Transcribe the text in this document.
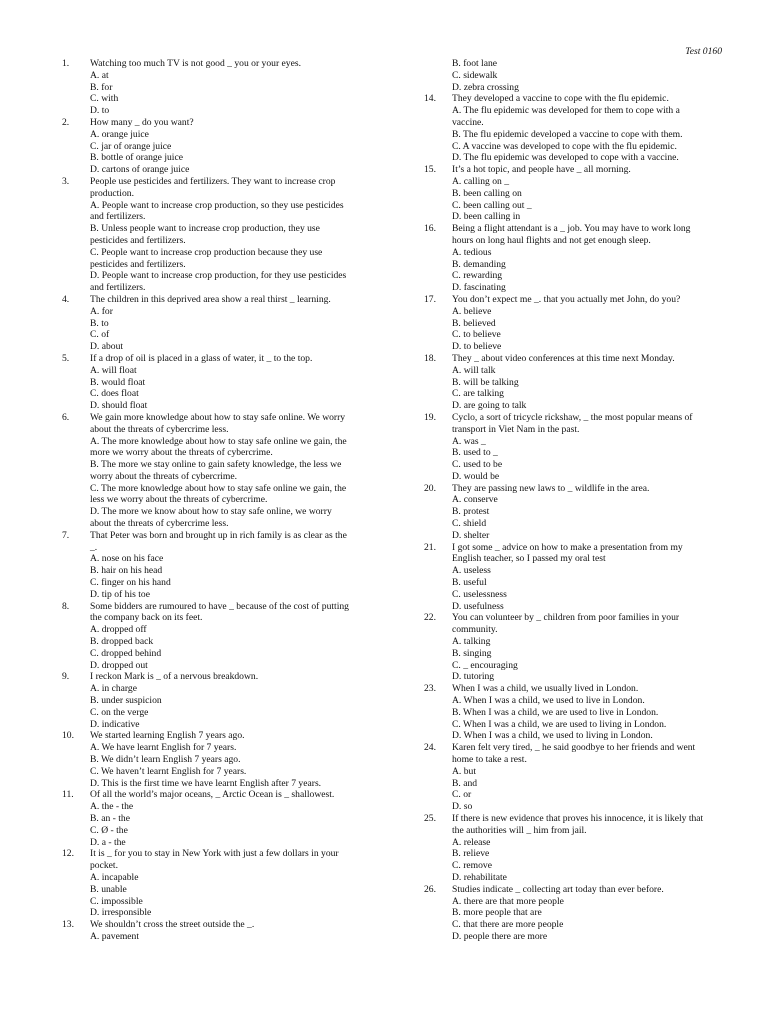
Test 0160
1 .	Watching too much TV is not good _ you or your eyes.
A. at
B. for
C. with
D. to
2 .	How many _ do you want?
A. orange juice
C. jar of orange juice
B. bottle of orange juice
D. cartons of orange juice
3 .	People use pesticides and fertilizers. They want to increase crop
production.
A. People want to increase crop production, so they use pesticides
and fertilizers.
B. Unless people want to increase crop production, they use
pesticides and fertilizers.
C. People want to increase crop production because they use
pesticides and fertilizers.
D. People want to increase crop production, for they use pesticides
and fertilizers.
4 .	The children in this deprived area show a real thirst _ learning.
A. for
B. to
C. of
D. about
5 .	If a drop of oil is placed in a glass of water, it _ to the top.
A. will float
B. would float
C. does float
D. should float
6 .	We gain more knowledge about how to stay safe online. We worry
about the threats of cybercrime less.
A. The more knowledge about how to stay safe online we gain, the
more we worry about the threats of cybercrime.
B. The more we stay online to gain safety knowledge, the less we
worry about the threats of cybercrime.
C. The more knowledge about how to stay safe online we gain, the
less we worry about the threats of cybercrime.
D. The more we know about how to stay safe online, we worry
about the threats of cybercrime less.
7 .	That Peter was born and brought up in rich family is as clear as the
_.
A. nose on his face
B. hair on his head
C. finger on his hand
D. tip of his toe
8 .	Some bidders are rumoured to have _ because of the cost of putting
the company back on its feet.
A. dropped off
B. dropped back
C. dropped behind
D. dropped out
9 .	I reckon Mark is _ of a nervous breakdown.
A. in charge
B. under suspicion
C. on the verge
D. indicative
10 .	We started learning English 7 years ago.
A. We have learnt English for 7 years.
B. We didn’t learn English 7 years ago.
C. We haven’t learnt English for 7 years.
D. This is the first time we have learnt English after 7 years.
11 .	Of all the world’s major oceans, _ Arctic Ocean is _ shallowest.
A. the - the
B. an - the
C. Ø - the
D. a - the
12 .	It is _ for you to stay in New York with just a few dollars in your
pocket.
A. incapable
B. unable
C. impossible
D. irresponsible
13 .	We shouldn’t cross the street outside the _.
A. pavement
B. foot lane
C. sidewalk
D. zebra crossing
14 .	They developed a vaccine to cope with the flu epidemic.
A. The flu epidemic was developed for them to cope with a
vaccine.
B. The flu epidemic developed a vaccine to cope with them.
C. A vaccine was developed to cope with the flu epidemic.
D. The flu epidemic was developed to cope with a vaccine.
15 .	It’s a hot topic, and people have _ all morning.
A. calling on _
B. been calling on
C. been calling out _
D. been calling in
16 .	Being a flight attendant is a _ job. You may have to work long
hours on long haul flights and not get enough sleep.
A. tedious
B. demanding
C. rewarding
D. fascinating
17 .	You don’t expect me _. that you actually met John, do you?
A. believe
B. believed
C. to believe
D. to believe
18 .	They _ about video conferences at this time next Monday.
A. will talk
B. will be talking
C. are talking
D. are going to talk
19 .	Cyclo, a sort of tricycle rickshaw, _ the most popular means of
transport in Viet Nam in the past.
A. was _
B. used to _
C. used to be
D. would be
20 .	They are passing new laws to _ wildlife in the area.
A. conserve
B. protest
C. shield
D. shelter
21 .	I got some _ advice on how to make a presentation from my
English teacher, so I passed my oral test
A. useless
B. useful
C. uselessness
D. usefulness
22 .	You can volunteer by _ children from poor families in your
community.
A. talking
B. singing
C. _ encouraging
D. tutoring
23 .	When I was a child, we usually lived in London.
A. When I was a child, we used to live in London.
B. When I was a child, we are used to live in London.
C. When I was a child, we are used to living in London.
D. When I was a child, we used to living in London.
24 .	Karen felt very tired, _ he said goodbye to her friends and went
home to take a rest.
A. but
B. and
C. or
D. so
25 .	If there is new evidence that proves his innocence, it is likely that
the authorities will _ him from jail.
A. release
B. relieve
C. remove
D. rehabilitate
26 .	Studies indicate _ collecting art today than ever before.
A. there are that more people
B. more people that are
C. that there are more people
D. people there are more
